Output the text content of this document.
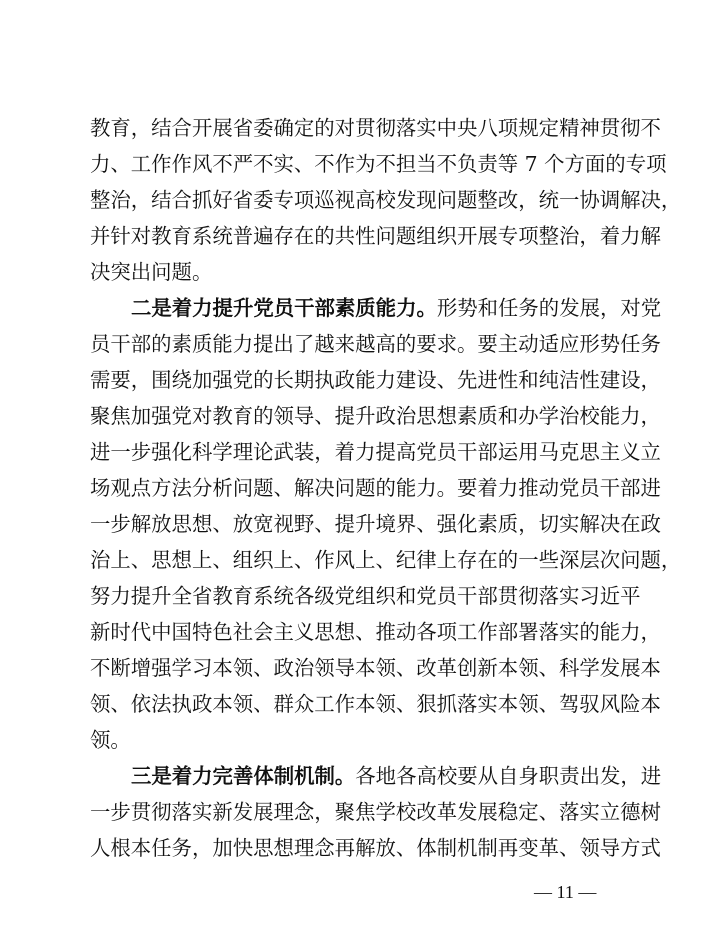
教育，结合开展省委确定的对贯彻落实中央八项规定精神贯彻不
力、工作作风不严不实、不作为不担当不负责等 7 个方面的专项
整治，结合抓好省委专项巡视高校发现问题整改，统一协调解决，
并针对教育系统普遍存在的共性问题组织开展专项整治，着力解
决突出问题。
二是着力提升党员干部素质能力。形势和任务的发展，对党
员干部的素质能力提出了越来越高的要求。要主动适应形势任务
需要，围绕加强党的长期执政能力建设、先进性和纯洁性建设，
聚焦加强党对教育的领导、提升政治思想素质和办学治校能力，
进一步强化科学理论武装，着力提高党员干部运用马克思主义立
场观点方法分析问题、解决问题的能力。要着力推动党员干部进
一步解放思想、放宽视野、提升境界、强化素质，切实解决在政
治上、思想上、组织上、作风上、纪律上存在的一些深层次问题，
努力提升全省教育系统各级党组织和党员干部贯彻落实习近平
新时代中国特色社会主义思想、推动各项工作部署落实的能力，
不断增强学习本领、政治领导本领、改革创新本领、科学发展本
领、依法执政本领、群众工作本领、狠抓落实本领、驾驭风险本
领。
三是着力完善体制机制。各地各高校要从自身职责出发，进
一步贯彻落实新发展理念，聚焦学校改革发展稳定、落实立德树
人根本任务，加快思想理念再解放、体制机制再变革、领导方式
— 11 —
